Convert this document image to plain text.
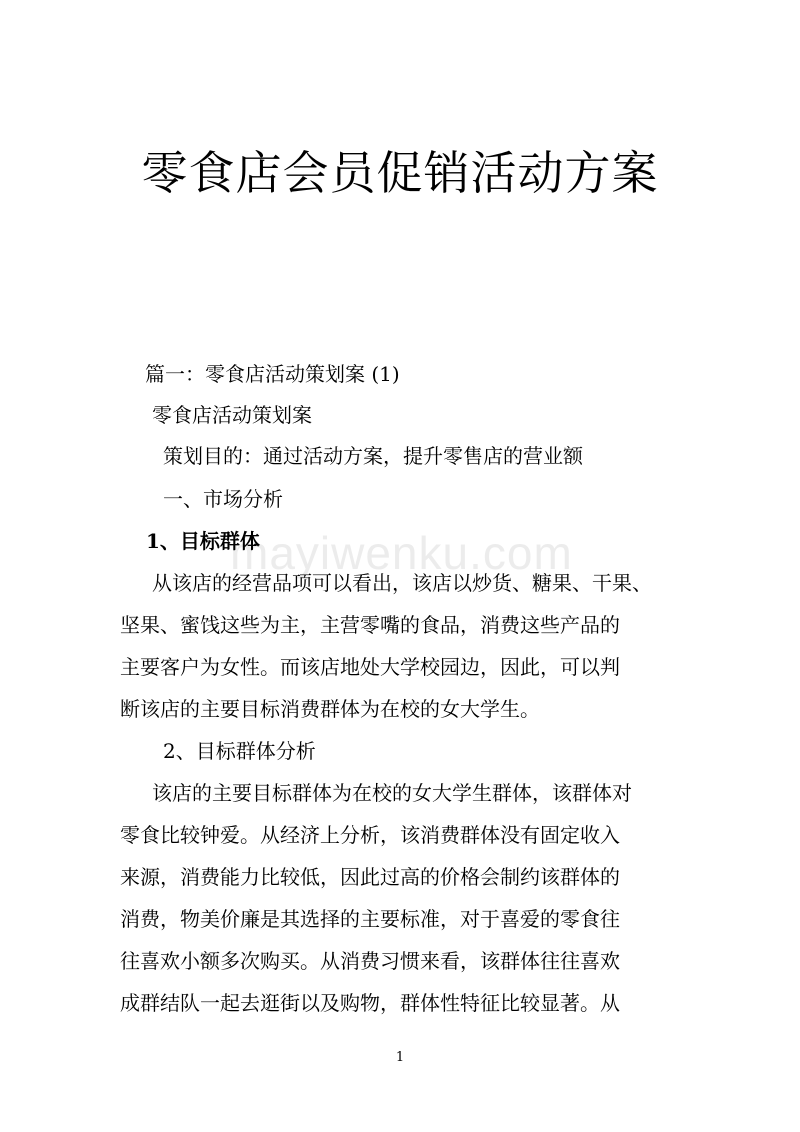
零食店会员促销活动方案
mayiwenku.com
篇一：零食店活动策划案 (1)
零食店活动策划案
策划目的：通过活动方案，提升零售店的营业额
一、市场分析
1、目标群体
从该店的经营品项可以看出，该店以炒货、糖果、干果、
坚果、蜜饯这些为主，主营零嘴的食品，消费这些产品的
主要客户为女性。而该店地处大学校园边，因此，可以判
断该店的主要目标消费群体为在校的女大学生。
2、目标群体分析
该店的主要目标群体为在校的女大学生群体，该群体对
零食比较钟爱。从经济上分析，该消费群体没有固定收入
来源，消费能力比较低，因此过高的价格会制约该群体的
消费，物美价廉是其选择的主要标准，对于喜爱的零食往
往喜欢小额多次购买。从消费习惯来看，该群体往往喜欢
成群结队一起去逛街以及购物，群体性特征比较显著。从
1
